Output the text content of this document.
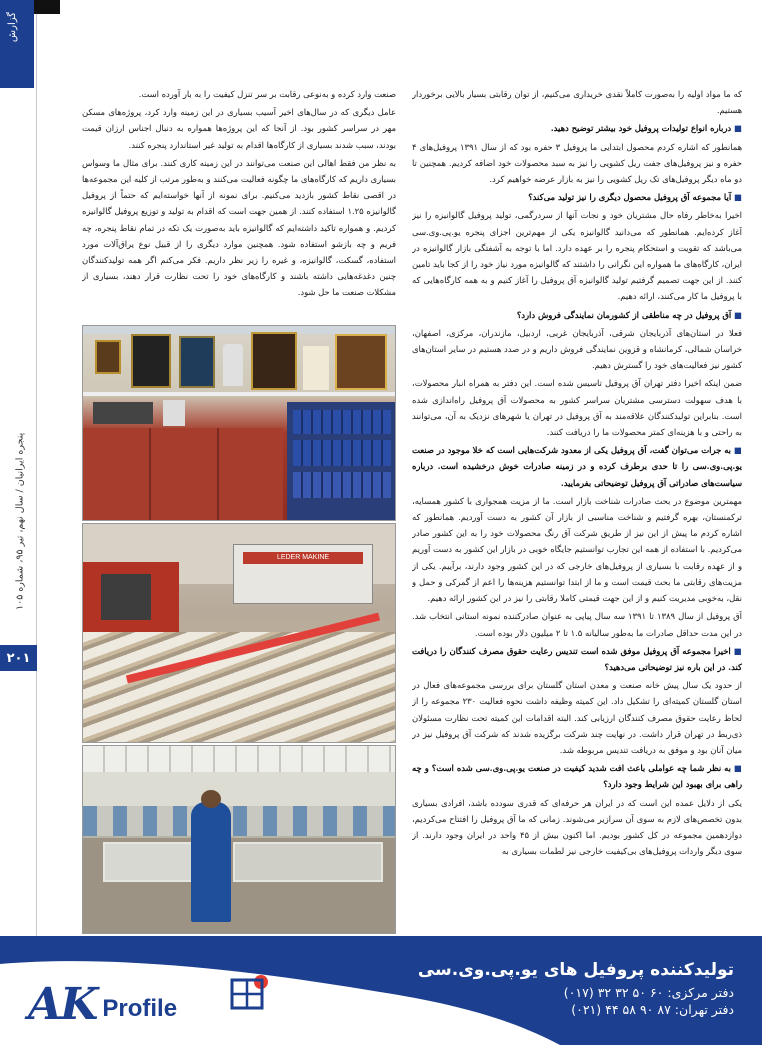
گزارش
پنجره ایرانیان / سال نهم، تیر ۹۵، شماره ۱۰۵
۲۰۱

که ما مواد اولیه را به‌صورت کاملاً نقدی خریداری می‌کنیم، از توان رقابتی بسیار بالایی برخوردار هستیم.

■ درباره انواع تولیدات پروفیل خود بیشتر توضیح دهید.

همانطور که اشاره کردم محصول ابتدایی ما پروفیل ۳ حفره بود که از سال ۱۳۹۱ پروفیل‌های ۴ حفره و نیز پروفیل‌های جفت ریل کشویی را نیز به سبد محصولات خود اضافه کردیم. همچنین تا دو ماه دیگر پروفیل‌های تک ریل کشویی را نیز به بازار عرضه خواهیم کرد.

■ آیا مجموعه آق پروفیل محصول دیگری را نیز تولید می‌کند؟

اخیرا به‌خاطر رفاه حال مشتریان خود و نجات آنها از سردرگمی، تولید پروفیل گالوانیزه را نیز آغاز کرده‌ایم. همانطور که می‌دانید گالوانیزه یکی از مهم‌ترین اجزای پنجره یو.پی.وی.سی می‌باشد که تقویت و استحکام پنجره را بر عهده دارد. اما با توجه به آشفتگی بازار گالوانیزه در ایران، کارگاه‌های ما همواره این نگرانی را داشتند که گالوانیزه مورد نیاز خود را از کجا باید تامین کنند. از این جهت تصمیم گرفتیم تولید گالوانیزه آق پروفیل را آغاز کنیم و به همه کارگاه‌هایی که با پروفیل ما کار می‌کنند، ارائه دهیم.

■ آق پروفیل در چه مناطقی از کشورمان نمایندگی فروش دارد؟

فعلا در استان‌های آذربایجان شرقی، آذربایجان غربی، اردبیل، مازندران، مرکزی، اصفهان، خراسان شمالی، کرمانشاه و قزوین نمایندگی فروش داریم و در صدد هستیم در سایر استان‌های کشور نیز فعالیت‌های خود را گسترش دهیم.

ضمن اینکه اخیرا دفتر تهران آق پروفیل تاسیس شده است. این دفتر به همراه انبار محصولات، با هدف سهولت دسترسی مشتریان سراسر کشور به محصولات آق پروفیل راه‌اندازی شده است. بنابراین تولیدکنندگان علاقه‌مند به آق پروفیل در تهران یا شهرهای نزدیک به آن، می‌توانند به راحتی و با هزینه‌ای کمتر محصولات ما را دریافت کنند.

■ به جرات می‌توان گفت، آق پروفیل یکی از معدود شرکت‌هایی است که خلا موجود در صنعت یو.پی.وی.سی را تا حدی برطرف کرده و در زمینه صادرات خوش درخشیده است. درباره سیاست‌های صادراتی آق پروفیل توضیحاتی بفرمایید.

مهمترین موضوع در بحث صادرات شناخت بازار است. ما از مزیت همجواری با کشور همسایه، ترکمنستان، بهره گرفتیم و شناخت مناسبی از بازار آن کشور به دست آوردیم. همانطور که اشاره کردم ما پیش از این نیز از طریق شرکت آق رنگ محصولات خود را به این کشور صادر می‌کردیم. با استفاده از همه این تجارب توانستیم جایگاه خوبی در بازار این کشور به دست آوریم و از عهده رقابت با بسیاری از پروفیل‌های خارجی که در این کشور وجود دارند، برآییم. یکی از مزیت‌های رقابتی ما بحث قیمت است و ما از ابتدا توانستیم هزینه‌ها را اعم از گمرکی و حمل و نقل، به‌خوبی مدیریت کنیم و از این جهت قیمتی کاملا رقابتی را نیز در این کشور ارائه دهیم.

آق پروفیل از سال ۱۳۸۹ تا ۱۳۹۱ سه سال پیاپی به عنوان صادرکننده نمونه استانی انتخاب شد. در این مدت حداقل صادرات ما به‌طور سالیانه ۱.۵ تا ۲ میلیون دلار بوده است.

■ اخیرا مجموعه آق پروفیل موفق شده است تندیس رعایت حقوق مصرف کنندگان را دریافت کند. در این باره نیز توضیحاتی می‌دهید؟

از حدود یک سال پیش خانه صنعت و معدن استان گلستان برای بررسی مجموعه‌های فعال در استان گلستان کمیته‌ای را تشکیل داد. این کمیته وظیفه داشت نحوه فعالیت ۲۳۰ مجموعه را از لحاظ رعایت حقوق مصرف کنندگان ارزیابی کند. البته اقدامات این کمیته تحت نظارت مسئولان ذی‌ربط در تهران قرار داشت. در نهایت چند شرکت برگزیده شدند که شرکت آق پروفیل نیز در میان آنان بود و موفق به دریافت تندیس مربوطه شد.

■ به نظر شما چه عواملی باعث افت شدید کیفیت در صنعت یو.پی.وی.سی شده است؟ و چه راهی برای بهبود این شرایط وجود دارد؟

یکی از دلایل عمده این است که در ایران هر حرفه‌ای که قدری سودده باشد، افرادی بسیاری بدون تخصص‌های لازم به سوی آن سرازیر می‌شوند. زمانی که ما آق پروفیل را افتتاح می‌کردیم، دوازدهمین مجموعه در کل کشور بودیم. اما اکنون بیش از ۴۵ واحد در ایران وجود دارند. از سوی دیگر واردات پروفیل‌های بی‌کیفیت خارجی نیز لطمات بسیاری به

صنعت وارد کرده و به‌نوعی رقابت بر سر تنزل کیفیت را به بار آورده است.

عامل دیگری که در سال‌های اخیر آسیب بسیاری در این زمینه وارد کرد، پروژه‌های مسکن مهر در سراسر کشور بود. از آنجا که این پروژه‌ها همواره به دنبال اجناس ارزان قیمت بودند، سبب شدند بسیاری از کارگاه‌ها اقدام به تولید غیر استاندارد پنجره کنند.

به نظر من فقط اهالی این صنعت می‌توانند در این زمینه کاری کنند. برای مثال ما وسواس بسیاری داریم که کارگاه‌های ما چگونه فعالیت می‌کنند و به‌طور مرتب از کلیه این مجموعه‌ها در اقصی نقاط کشور بازدید می‌کنیم. برای نمونه از آنها خواسته‌ایم که حتماً از پروفیل گالوانیزه ۱.۲۵ استفاده کنند. از همین جهت است که اقدام به تولید و توزیع پروفیل گالوانیزه کردیم. و همواره تاکید داشته‌ایم که گالوانیزه باید به‌صورت یک تکه در تمام نقاط پنجره، چه فریم و چه بازشو استفاده شود. همچنین موارد دیگری را از قبیل نوع یراق‌آلات مورد استفاده، گسکت، گالوانیزه، و غیره را زیر نظر داریم. فکر می‌کنم اگر همه تولیدکنندگان چنین دغدغه‌هایی داشته باشند و کارگاه‌های خود را تحت نظارت قرار دهند، بسیاری از مشکلات صنعت ما حل شود.

LEDER MAKINE
AK Profile
تولیدکننده پروفیل های یو.پی.وی.سی
دفتر مرکزی: ۶۰ ۵۰ ۳۲ ۳۲ (۰۱۷)
دفتر تهران: ۸۷ ۹۰ ۵۸ ۴۴ (۰۲۱)
